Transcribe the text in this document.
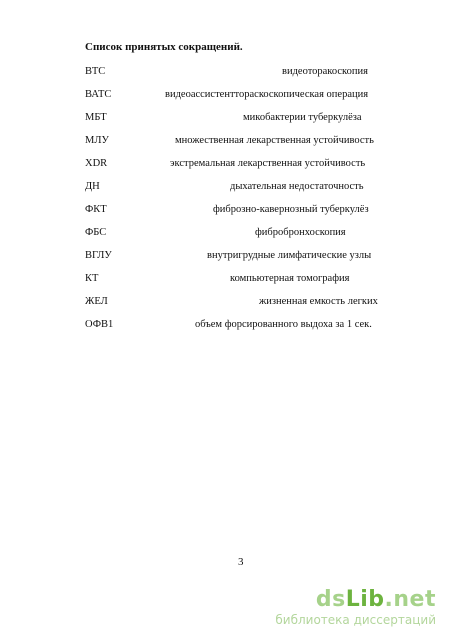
Список принятых сокращений.
ВТС	видеоторакоскопия
ВАТС	видеоассистенттораскоскопическая операция
МБТ	микобактерии туберкулёза
МЛУ	множественная лекарственная устойчивость
XDR	экстремальная лекарственная устойчивость
ДН	дыхательная недостаточность
ФКТ	фиброзно-кавернозный туберкулёз
ФБС	фибробронхоскопия
ВГЛУ	внутригрудные лимфатические узлы
КТ	компьютерная томография
ЖЕЛ	жизненная емкость легких
ОФВ1	объем форсированного выдоха за 1 сек.
3
dsLib.net
библиотека диссертаций
